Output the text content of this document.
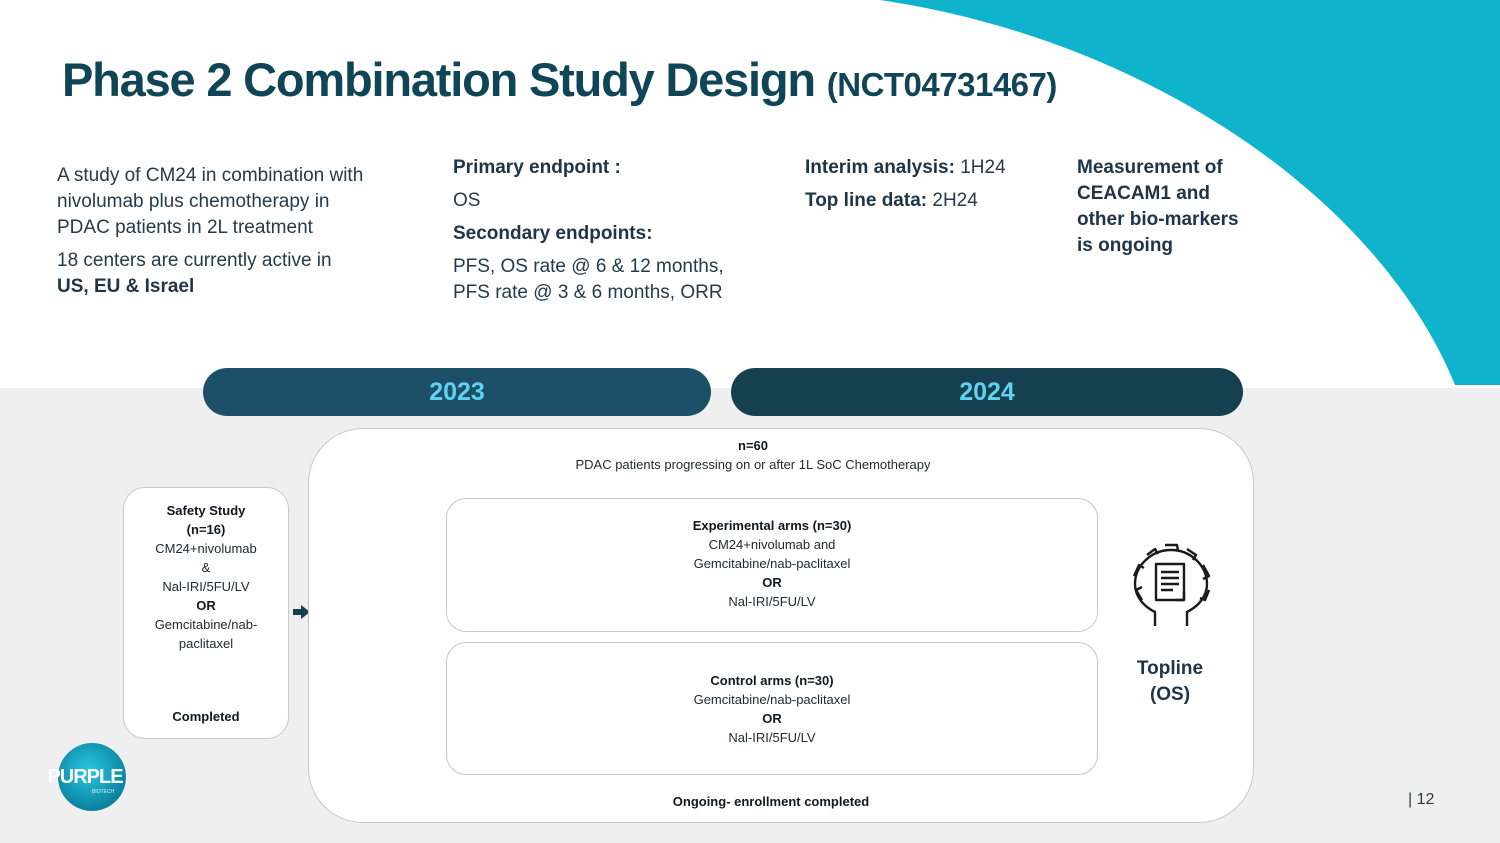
Phase 2 Combination Study Design (NCT04731467)

A study of CM24 in combination with nivolumab plus chemotherapy in PDAC patients in 2L treatment

18 centers are currently active in
US, EU & Israel

Primary endpoint :

OS

Secondary endpoints:

PFS, OS rate @ 6 & 12 months,

PFS rate @ 3 & 6 months, ORR

Interim analysis: 1H24

Top line data: 2H24

Measurement of CEACAM1 and other bio-markers is ongoing
2023	2024
Safety Study
(n=16)
CM24+nivolumab
&
Nal-IRI/5FU/LV
OR
Gemcitabine/nab-paclitaxel
Completed
n=60
PDAC patients progressing on or after 1L SoC Chemotherapy
Experimental arms (n=30)
CM24+nivolumab and
Gemcitabine/nab-paclitaxel
OR
Nal-IRI/5FU/LV
Control arms (n=30)
Gemcitabine/nab-paclitaxel
OR
Nal-IRI/5FU/LV
Ongoing- enrollment completed
Topline
(OS)
| 12
PURPLE
BIOTECH
